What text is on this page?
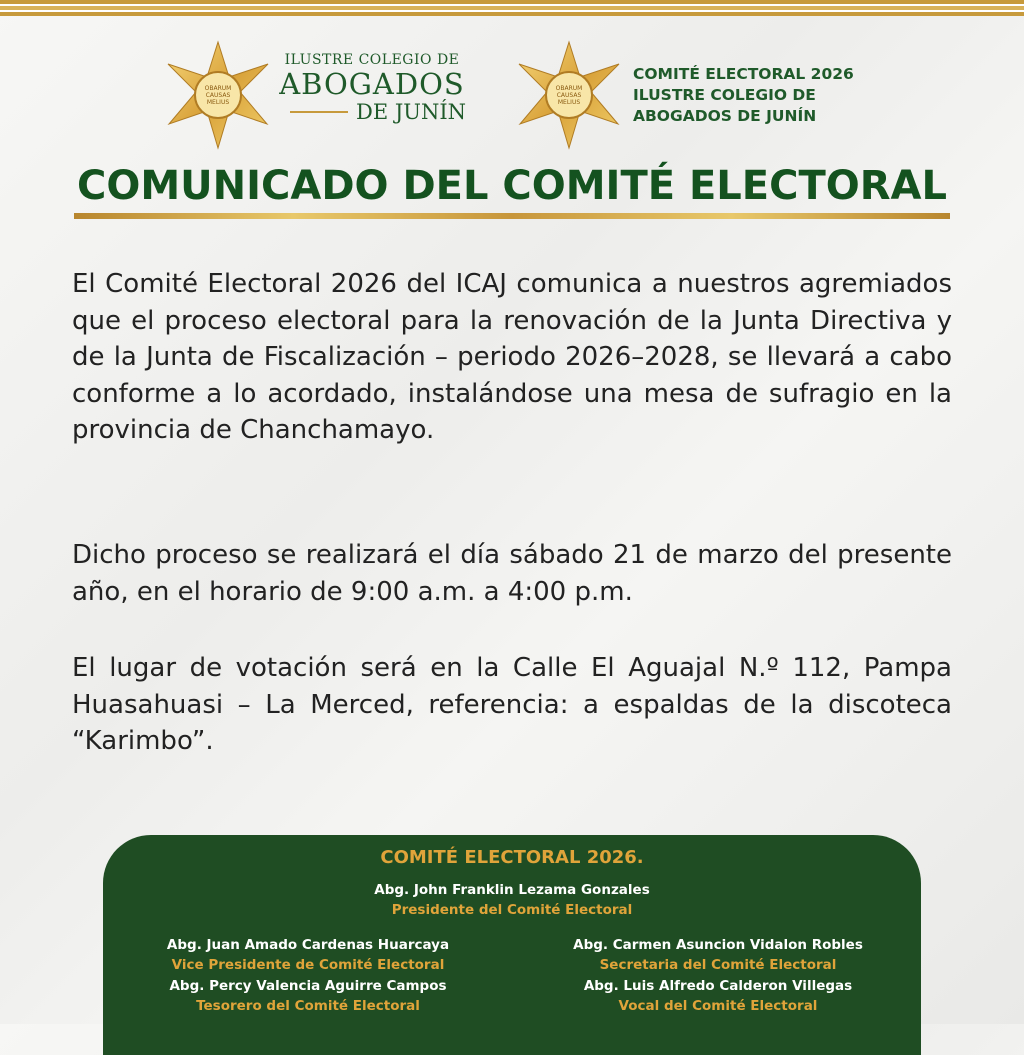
OBARUM
CAUSAS
MELIUS
ILUSTRE COLEGIO DE
ABOGADOS
DE JUNÍN
OBARUM
CAUSAS
MELIUS
COMITÉ ELECTORAL 2026
ILUSTRE COLEGIO DE
ABOGADOS DE JUNÍN
COMUNICADO DEL COMITÉ ELECTORAL
El Comité Electoral 2026 del ICAJ comunica a nuestros agremiados que el proceso electoral para la renovación de la Junta Directiva y de la Junta de Fiscalización – periodo 2026–2028, se llevará a cabo conforme a lo acordado, instalándose una mesa de sufragio en la provincia de Chanchamayo.
Dicho proceso se realizará el día sábado 21 de marzo del presente año, en el horario de 9:00 a.m. a 4:00 p.m.
El lugar de votación será en la Calle El Aguajal N.º 112, Pampa Huasahuasi – La Merced, referencia: a espaldas de la discoteca “Karimbo”.
COMITÉ ELECTORAL 2026.
Abg. John Franklin Lezama Gonzales
Presidente del Comité Electoral
Abg. Juan Amado Cardenas Huarcaya
Vice Presidente de Comité Electoral
Abg. Carmen Asuncion Vidalon Robles
Secretaria del Comité Electoral
Abg. Percy Valencia Aguirre Campos
Tesorero del Comité Electoral
Abg. Luis Alfredo Calderon Villegas
Vocal del Comité Electoral
